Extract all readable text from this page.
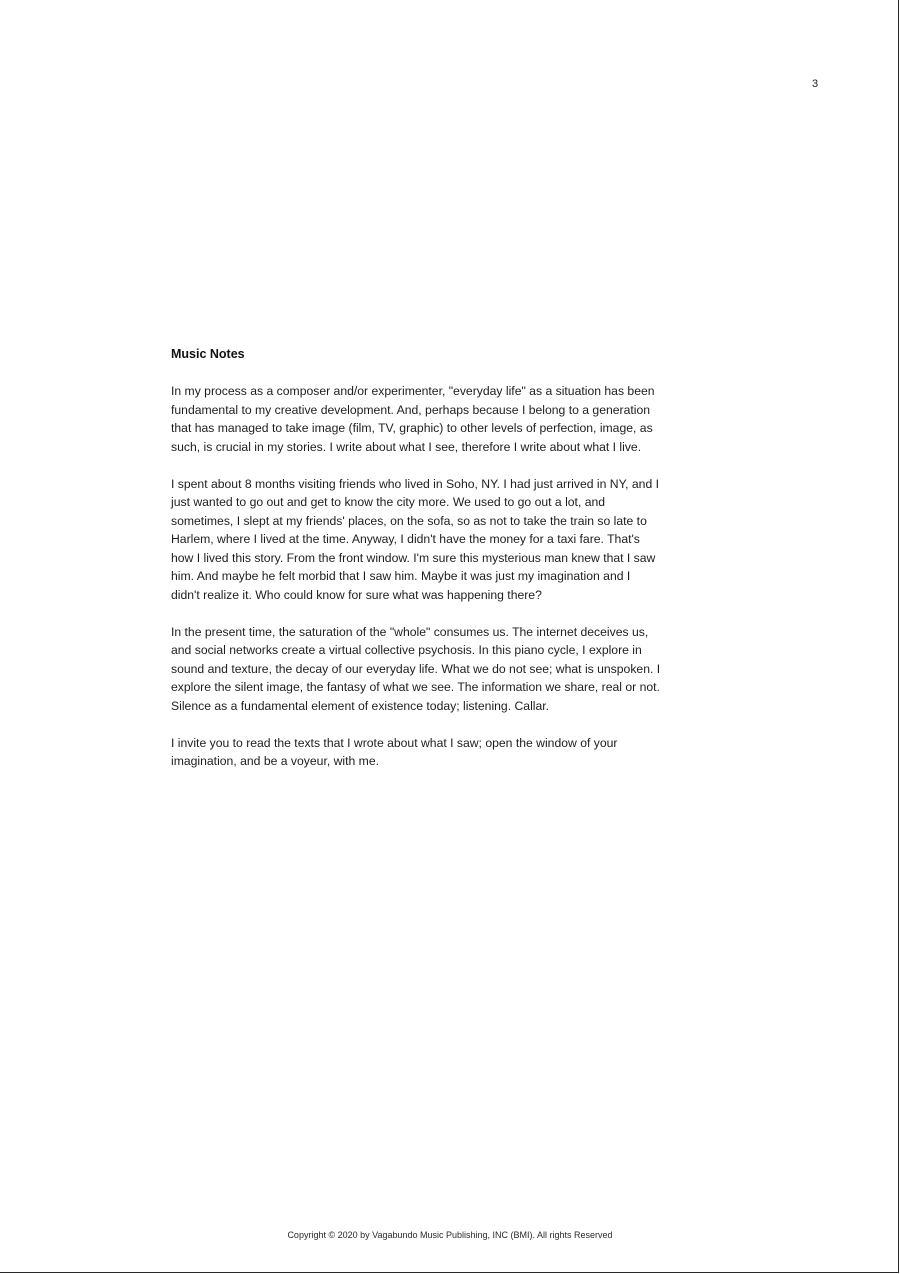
3
Music Notes

In my process as a composer and/or experimenter, "everyday life" as a situation has been
fundamental to my creative development. And, perhaps because I belong to a generation
that has managed to take image (film, TV, graphic) to other levels of perfection, image, as
such, is crucial in my stories. I write about what I see, therefore I write about what I live.

I spent about 8 months visiting friends who lived in Soho, NY. I had just arrived in NY, and I
just wanted to go out and get to know the city more. We used to go out a lot, and
sometimes, I slept at my friends' places, on the sofa, so as not to take the train so late to
Harlem, where I lived at the time. Anyway, I didn't have the money for a taxi fare. That's
how I lived this story. From the front window. I'm sure this mysterious man knew that I saw
him. And maybe he felt morbid that I saw him. Maybe it was just my imagination and I
didn't realize it. Who could know for sure what was happening there?

In the present time, the saturation of the "whole" consumes us. The internet deceives us,
and social networks create a virtual collective psychosis. In this piano cycle, I explore in
sound and texture, the decay of our everyday life. What we do not see; what is unspoken. I
explore the silent image, the fantasy of what we see. The information we share, real or not.
Silence as a fundamental element of existence today; listening. Callar.

I invite you to read the texts that I wrote about what I saw; open the window of your
imagination, and be a voyeur, with me.

Copyright © 2020 by Vagabundo Music Publishing, INC (BMI). All rights Reserved
